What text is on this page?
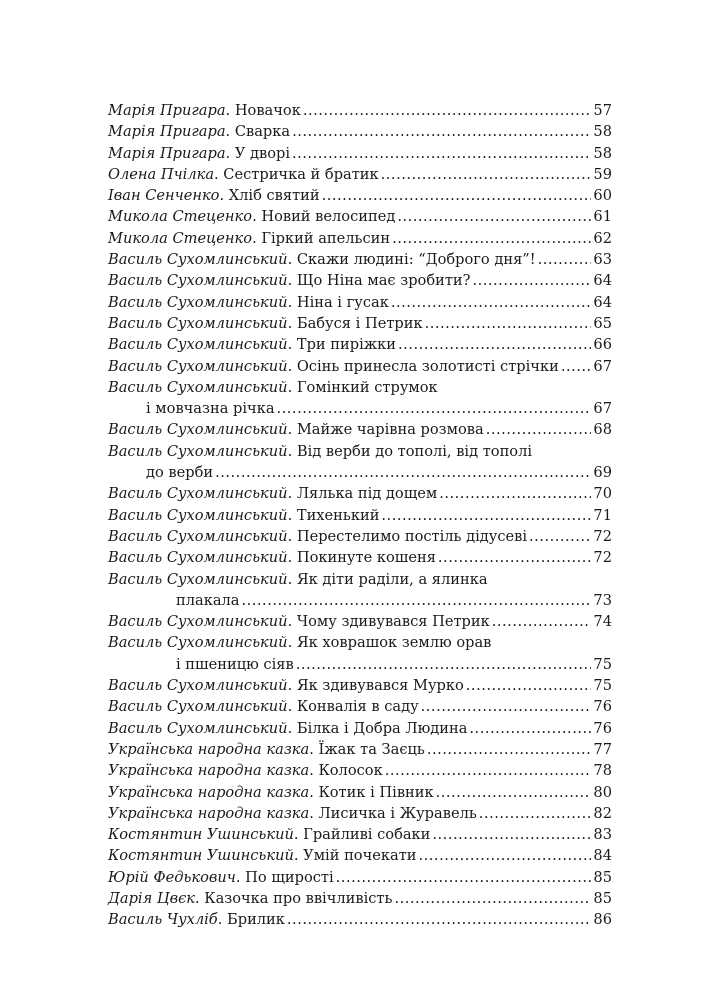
Марія Пригара . Новачок .....	57
Марія Пригара . Сварка .....	58
Марія Пригара . У дворі .....	58
Олена Пчілка . Сестричка й братик .....	59
Іван Сенченко . Хліб святий .....	60
Микола Стеценко . Новий велосипед .....	61
Микола Стеценко . Гіркий апельсин .....	62
Василь Сухомлинський . Скажи людині: “Доброго дня”! .....	63
Василь Сухомлинський . Що Ніна має зробити? .....	64
Василь Сухомлинський . Ніна і гусак .....	64
Василь Сухомлинський . Бабуся і Петрик .....	65
Василь Сухомлинський . Три пиріжки .....	66
Василь Сухомлинський . Осінь принесла золотисті стрічки ..... 67
Василь Сухомлинський . Гомінкий струмок
і мовчазна річка .....	67
Василь Сухомлинський . Майже чарівна розмова .....	68
Василь Сухомлинський . Від верби до тополі, від тополі
до верби .....	69
Василь Сухомлинський . Лялька під дощем .....	70
Василь Сухомлинський . Тихенький .....	71
Василь Сухомлинський . Перестелимо постіль дідусеві .....	72
Василь Сухомлинський . Покинуте кошеня .....	72
Василь Сухомлинський . Як діти раділи, а ялинка
плакала .....	73
Василь Сухомлинський . Чому здивувався Петрик .....	74
Василь Сухомлинський . Як ховрашок землю орав
і пшеницю сіяв .....	75
Василь Сухомлинський . Як здивувався Мурко .....	75
Василь Сухомлинський . Конвалія в саду .....	76
Василь Сухомлинський . Білка і Добра Людина .....	76
Українська народна казка . Їжак та Заєць .....	77
Українська народна казка . Колосок .....	78
Українська народна казка . Котик і Півник .....	80
Українська народна казка . Лисичка і Журавель .....	82
Костянтин Ушинський . Грайливі собаки .....	83
Костянтин Ушинський . Умій почекати .....	84
Юрій Федькович . По щирості .....	85
Дарія Цвєк . Казочка про ввічливість .....	85
Василь Чухліб . Брилик .....	86
